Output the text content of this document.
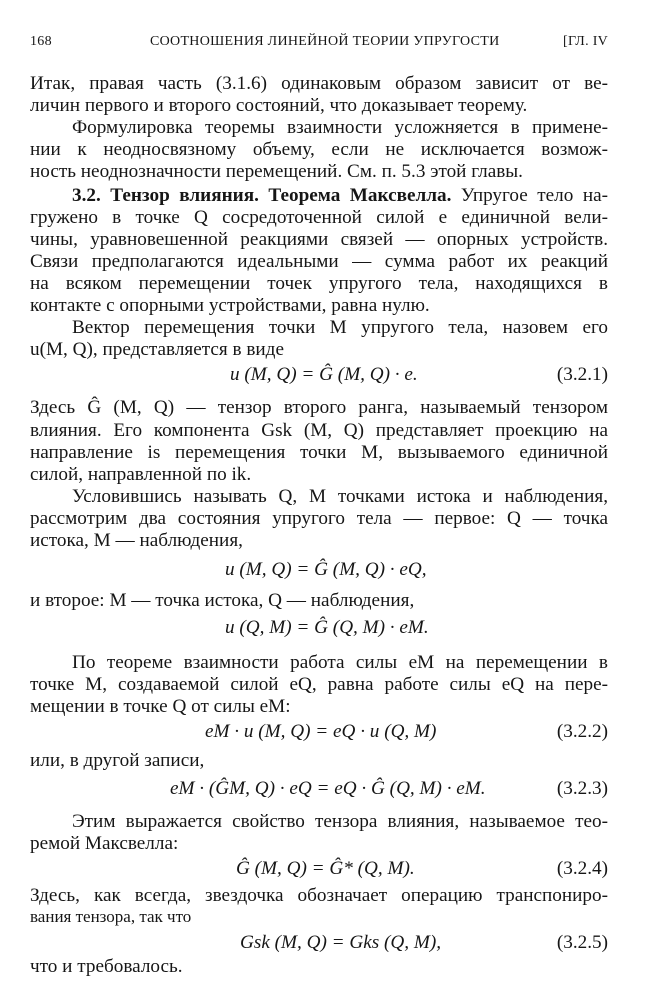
168	СООТНОШЕНИЯ ЛИНЕЙНОЙ ТЕОРИИ УПРУГОСТИ	[ГЛ. IV
Итак, правая часть (3.1.6) одинаковым образом зависит от ве-
личин первого и второго состояний, что доказывает теорему.
Формулировка теоремы взаимности усложняется в примене-
нии к неодносвязному объему, если не исключается возмож-
ность неоднозначности перемещений. См. п. 5.3 этой главы.
3.2. Тензор влияния. Теорема Максвелла. Упругое тело на-
гружено в точке Q сосредоточенной силой e единичной вели-
чины, уравновешенной реакциями связей — опорных устройств.
Связи предполагаются идеальными — сумма работ их реакций
на всяком перемещении точек упругого тела, находящихся в
контакте с опорными устройствами, равна нулю.
Вектор перемещения точки M упругого тела, назовем его
u(M, Q), представляется в виде
u (M, Q) = Ĝ (M, Q) · e.	(3.2.1)
Здесь Ĝ (M, Q) — тензор второго ранга, называемый тензором
влияния. Его компонента Gsk (M, Q) представляет проекцию на
направление is перемещения точки M, вызываемого единичной
силой, направленной по ik.
Условившись называть Q, M точками истока и наблюдения,
рассмотрим два состояния упругого тела — первое: Q — точка
истока, M — наблюдения,
u (M, Q) = Ĝ (M, Q) · eQ,
и второе: M — точка истока, Q — наблюдения,
u (Q, M) = Ĝ (Q, M) · eM.
По теореме взаимности работа силы eM на перемещении в
точке M, создаваемой силой eQ, равна работе силы eQ на пере-
мещении в точке Q от силы eM:
eM · u (M, Q) = eQ · u (Q, M)	(3.2.2)
или, в другой записи,
eM · (ĜM, Q) · eQ = eQ · Ĝ (Q, M) · eM.	(3.2.3)
Этим выражается свойство тензора влияния, называемое тео-
ремой Максвелла:
Ĝ (M, Q) = Ĝ* (Q, M).	(3.2.4)
Здесь, как всегда, звездочка обозначает операцию транспониро-
вания тензора, так что
Gsk (M, Q) = Gks (Q, M),	(3.2.5)
что и требовалось.
